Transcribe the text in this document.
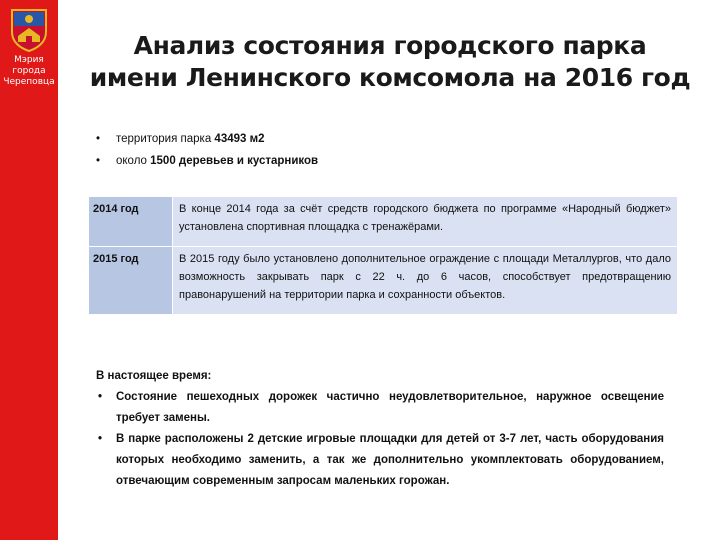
Мэрия
города
Череповца
Анализ состояния городского парка
имени Ленинского комсомола на 2016 год
• территория парка 43493 м2
• около 1500 деревьев и кустарников
2014 год	В конце 2014 года за счёт средств городского бюджета по программе «Народный бюджет» установлена спортивная площадка с тренажёрами.
2015 год	В 2015 году было установлено дополнительное ограждение с площади Металлургов, что дало возможность закрывать парк с 22 ч. до 6 часов, способствует предотвращению правонарушений на территории парка и сохранности объектов.

В настоящее время:

• Состояние пешеходных дорожек частично неудовлетворительное, наружное освещение требует замены.
• В парке расположены 2 детские игровые площадки для детей от 3-7 лет, часть оборудования которых необходимо заменить, а так же дополнительно укомплектовать оборудованием, отвечающим современным запросам маленьких горожан.
